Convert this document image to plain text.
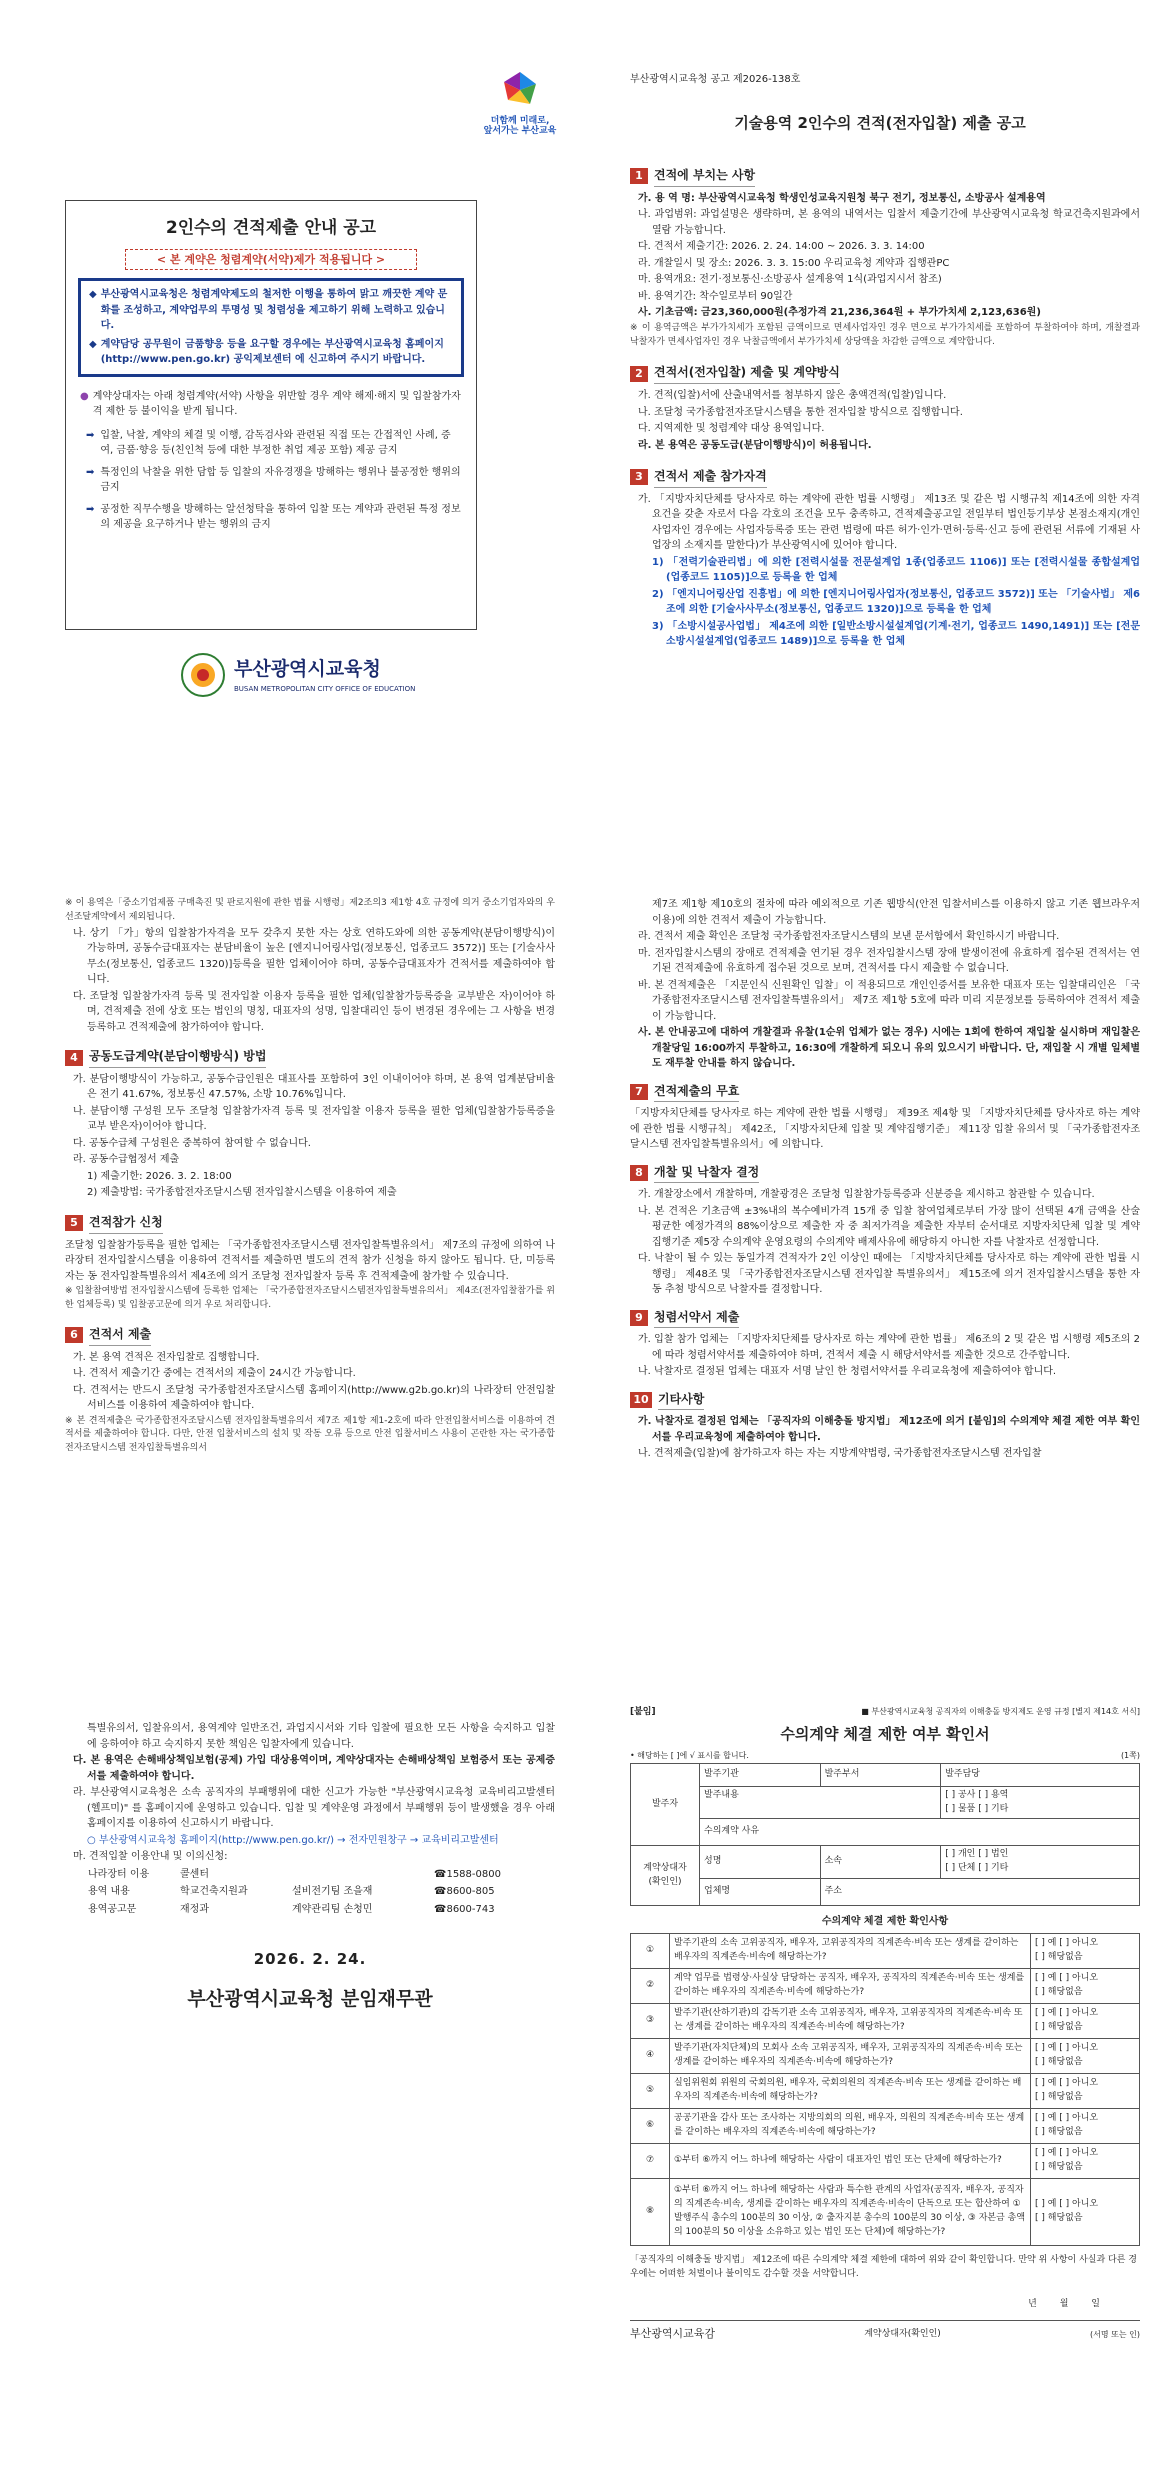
더함께 미래로,
앞서가는 부산교육
2인수의 견적제출 안내 공고
< 본 계약은 청렴계약(서약)제가 적용됩니다 >
◆ 부산광역시교육청은 청렴계약제도의 철저한 이행을 통하여 맑고 깨끗한 계약 문화를 조성하고, 계약업무의 투명성 및 청렴성을 제고하기 위해 노력하고 있습니다.
◆ 계약담당 공무원이 금품향응 등을 요구할 경우에는 부산광역시교육청 홈페이지(http://www.pen.go.kr) 공익제보센터 에 신고하여 주시기 바랍니다.
● 계약상대자는 아래 청렴계약(서약) 사항을 위반할 경우 계약 해제·해지 및 입찰참가자격 제한 등 불이익을 받게 됩니다.
➡ 입찰, 낙찰, 계약의 체결 및 이행, 감독검사와 관련된 직접 또는 간접적인 사례, 증여, 금품·향응 등(친인척 등에 대한 부정한 취업 제공 포함) 제공 금지
➡ 특정인의 낙찰을 위한 담합 등 입찰의 자유경쟁을 방해하는 행위나 불공정한 행위의 금지
➡ 공정한 직무수행을 방해하는 알선청탁을 통하여 입찰 또는 계약과 관련된 특정 정보의 제공을 요구하거나 받는 행위의 금지
부산광역시교육청
BUSAN METROPOLITAN CITY OFFICE OF EDUCATION
부산광역시교육청 공고 제2026-138호
기술용역 2인수의 견적(전자입찰) 제출 공고
1 견적에 부치는 사항
가. 용 역 명: 부산광역시교육청 학생인성교육지원청 북구 전기, 정보통신, 소방공사 설계용역
나. 과업범위: 과업설명은 생략하며, 본 용역의 내역서는 입찰서 제출기간에 부산광역시교육청 학교건축지원과에서 열람 가능합니다.
다. 견적서 제출기간: 2026. 2. 24. 14:00 ~ 2026. 3. 3. 14:00
라. 개찰일시 및 장소: 2026. 3. 3. 15:00 우리교육청 계약과 집행관PC
마. 용역개요: 전기·정보통신·소방공사 설계용역 1식(과업지시서 참조)
바. 용역기간: 착수일로부터 90일간
사. 기초금액: 금23,360,000원(추정가격 21,236,364원 + 부가가치세 2,123,636원)
※ 이 용역금액은 부가가치세가 포함된 금액이므로 면세사업자인 경우 면으로 부가가치세를 포함하여 투찰하여야 하며, 개찰결과 낙찰자가 면세사업자인 경우 낙찰금액에서 부가가치세 상당액을 차감한 금액으로 계약합니다.
2 견적서(전자입찰) 제출 및 계약방식
가. 견적(입찰)서에 산출내역서를 첨부하지 않은 총액견적(입찰)입니다.
나. 조달청 국가종합전자조달시스템을 통한 전자입찰 방식으로 집행합니다.
다. 지역제한 및 청렴계약 대상 용역입니다.
라. 본 용역은 공동도급(분담이행방식)이 허용됩니다.
3 견적서 제출 참가자격
가. 「지방자치단체를 당사자로 하는 계약에 관한 법률 시행령」 제13조 및 같은 법 시행규칙 제14조에 의한 자격요건을 갖춘 자로서 다음 각호의 조건을 모두 충족하고, 견적제출공고일 전일부터 법인등기부상 본점소재지(개인사업자인 경우에는 사업자등록증 또는 관련 법령에 따른 허가·인가·면허·등록·신고 등에 관련된 서류에 기재된 사업장의 소재지를 말한다)가 부산광역시에 있어야 합니다.
1) 「전력기술관리법」에 의한 [전력시설물 전문설계업 1종(업종코드 1106)] 또는 [전력시설물 종합설계업(업종코드 1105)]으로 등록을 한 업체
2) 「엔지니어링산업 진흥법」에 의한 [엔지니어링사업자(정보통신, 업종코드 3572)] 또는 「기술사법」 제6조에 의한 [기술사사무소(정보통신, 업종코드 1320)]으로 등록을 한 업체
3) 「소방시설공사업법」 제4조에 의한 [일반소방시설설계업(기계·전기, 업종코드 1490,1491)] 또는 [전문소방시설설계업(업종코드 1489)]으로 등록을 한 업체
※ 이 용역은「중소기업제품 구매촉진 및 판로지원에 관한 법률 시행령」제2조의3 제1항 4호 규정에 의거 중소기업자와의 우선조달계약에서 제외됩니다.
나. 상기 「가」항의 입찰참가자격을 모두 갖추지 못한 자는 상호 연하도와에 의한 공동계약(분담이행방식)이 가능하며, 공동수급대표자는 분담비율이 높은 [엔지니어링사업(정보통신, 업종코드 3572)] 또는 [기술사사무소(정보통신, 업종코드 1320)]등록을 필한 업체이어야 하며, 공동수급대표자가 견적서를 제출하여야 합니다.
다. 조달청 입찰참가자격 등록 및 전자입찰 이용자 등록을 필한 업체(입찰참가등록증을 교부받은 자)이어야 하며, 견적제출 전에 상호 또는 법인의 명칭, 대표자의 성명, 입찰대리인 등이 변경된 경우에는 그 사항을 변경 등록하고 견적제출에 참가하여야 합니다.
4 공동도급계약(분담이행방식) 방법
가. 분담이행방식이 가능하고, 공동수급인원은 대표사를 포함하여 3인 이내이어야 하며, 본 용역 업계분담비율은 전기 41.67%, 정보통신 47.57%, 소방 10.76%입니다.
나. 분담이행 구성원 모두 조달청 입찰참가자격 등록 및 전자입찰 이용자 등록을 필한 업체(입찰참가등록증을 교부 받은자)이어야 합니다.
다. 공동수급체 구성원은 중복하여 참여할 수 없습니다.
라. 공동수급협정서 제출
1) 제출기한: 2026. 3. 2. 18:00
2) 제출방법: 국가종합전자조달시스템 전자입찰시스템을 이용하여 제출
5 견적참가 신청
조달청 입찰참가등록을 필한 업체는 「국가종합전자조달시스템 전자입찰특별유의서」 제7조의 규정에 의하여 나라장터 전자입찰시스템을 이용하여 견적서를 제출하면 별도의 견적 참가 신청을 하지 않아도 됩니다. 단, 미등록자는 동 전자입찰특별유의서 제4조에 의거 조달청 전자입찰자 등록 후 견적제출에 참가할 수 있습니다.
※ 입찰참여방법 전자입찰시스템에 등록한 업체는 「국가종합전자조달시스템전자입찰특별유의서」 제4조(전자입찰참가를 위한 업체등록) 및 입찰공고문에 의거 우로 처리합니다.
6 견적서 제출
가. 본 용역 견적은 전자입찰로 집행합니다.
나. 견적서 제출기간 중에는 견적서의 제출이 24시간 가능합니다.
다. 견적서는 반드시 조달청 국가종합전자조달시스템 홈페이지(http://www.g2b.go.kr)의 나라장터 안전입찰서비스를 이용하여 제출하여야 합니다.
※ 본 견적제출은 국가종합전자조달시스템 전자입찰특별유의서 제7조 제1항 제1-2호에 따라 안전입찰서비스를 이용하여 견적서를 제출하여야 합니다. 다만, 안전 입찰서비스의 설치 및 작동 오류 등으로 안전 입찰서비스 사용이 곤란한 자는 국가종합전자조달시스템 전자입찰특별유의서
제7조 제1항 제10호의 절차에 따라 예외적으로 기존 웹방식(안전 입찰서비스를 이용하지 않고 기존 웹브라우저 이용)에 의한 견적서 제출이 가능합니다.
라. 견적서 제출 확인은 조달청 국가종합전자조달시스템의 보낸 문서함에서 확인하시기 바랍니다.
마. 전자입찰시스템의 장애로 견적제출 연기된 경우 전자입찰시스템 장애 발생이전에 유효하게 접수된 견적서는 연기된 견적제출에 유효하게 접수된 것으로 보며, 견적서를 다시 제출할 수 없습니다.
바. 본 견적제출은 「지문인식 신원확인 입찰」이 적용되므로 개인인증서를 보유한 대표자 또는 입찰대리인은 「국가종합전자조달시스템 전자입찰특별유의서」 제7조 제1항 5호에 따라 미리 지문정보를 등록하여야 견적서 제출이 가능합니다.
사. 본 안내공고에 대하여 개찰결과 유찰(1순위 업체가 없는 경우) 시에는 1회에 한하여 재입찰 실시하며 재입찰은 개찰당일 16:00까지 투찰하고, 16:30에 개찰하게 되오니 유의 있으시기 바랍니다. 단, 재입찰 시 개별 일체별도 재투찰 안내를 하지 않습니다.
7 견적제출의 무효
「지방자치단체를 당사자로 하는 계약에 관한 법률 시행령」 제39조 제4항 및 「지방자치단체를 당사자로 하는 계약에 관한 법률 시행규칙」 제42조, 「지방자치단체 입찰 및 계약집행기준」 제11장 입찰 유의서 및 「국가종합전자조달시스템 전자입찰특별유의서」에 의합니다.
8 개찰 및 낙찰자 결정
가. 개찰장소에서 개찰하며, 개찰광경은 조달청 입찰참가등록증과 신분증을 제시하고 참관할 수 있습니다.
나. 본 견적은 기초금액 ±3%내의 복수예비가격 15개 중 입찰 참여업체로부터 가장 많이 선택된 4개 금액을 산술 평균한 예정가격의 88%이상으로 제출한 자 중 최저가격을 제출한 자부터 순서대로 지방자치단체 입찰 및 계약 집행기준 제5장 수의계약 운영요령의 수의계약 배제사유에 해당하지 아니한 자를 낙찰자로 선정합니다.
다. 낙찰이 될 수 있는 동일가격 견적자가 2인 이상인 때에는 「지방자치단체를 당사자로 하는 계약에 관한 법률 시행령」 제48조 및 「국가종합전자조달시스템 전자입찰 특별유의서」 제15조에 의거 전자입찰시스템을 통한 자동 추첨 방식으로 낙찰자를 결정합니다.
9 청렴서약서 제출
가. 입찰 참가 업체는 「지방자치단체를 당사자로 하는 계약에 관한 법률」 제6조의 2 및 같은 법 시행령 제5조의 2에 따라 청렴서약서를 제출하여야 하며, 견적서 제출 시 해당서약서를 제출한 것으로 간주합니다.
나. 낙찰자로 결정된 업체는 대표자 서명 날인 한 청렴서약서를 우리교육청에 제출하여야 합니다.
10 기타사항
가. 낙찰자로 결정된 업체는 「공직자의 이해충돌 방지법」 제12조에 의거 [붙임]의 수의계약 체결 제한 여부 확인서를 우리교육청에 제출하여야 합니다.
나. 견적제출(입찰)에 참가하고자 하는 자는 지방계약법령, 국가종합전자조달시스템 전자입찰
특별유의서, 입찰유의서, 용역계약 일반조건, 과업지시서와 기타 입찰에 필요한 모든 사항을 숙지하고 입찰에 응하여야 하고 숙지하지 못한 책임은 입찰자에게 있습니다.
다. 본 용역은 손해배상책임보험(공제) 가입 대상용역이며, 계약상대자는 손해배상책임 보험증서 또는 공제증서를 제출하여야 합니다.
라. 부산광역시교육청은 소속 공직자의 부패행위에 대한 신고가 가능한 "부산광역시교육청 교육비리고발센터(헬프미)" 를 홈페이지에 운영하고 있습니다. 입찰 및 계약운영 과정에서 부패행위 등이 발생했을 경우 아래 홈페이지를 이용하여 신고하시기 바랍니다.
○ 부산광역시교육청 홈페이지(http://www.pen.go.kr/) → 전자민원창구 → 교육비리고발센터
마. 견적입찰 이용안내 및 이의신청:
나라장터 이용	콜센터		☎1588-0800
용역 내용	학교건축지원과	설비전기팀 조을재	☎8600-805
용역공고문	재정과	계약관리팀 손청민	☎8600-743
2026. 2. 24.
부산광역시교육청 분임재무관
[붙임]	■ 부산광역시교육청 공직자의 이해충돌 방지제도 운영 규정 [별지 제14호 서식]
수의계약 체결 제한 여부 확인서
• 해당하는 [ ]에 √ 표시를 합니다.	(1쪽)
발주자	발주기관	발주부서	발주담당
	발주내용		[ ] 공사 [ ] 용역
[ ] 물품 [ ] 기타
	수의계약 사유		
계약상대자
(확인인)	성명	소속	[ ] 개인 [ ] 법인
[ ] 단체 [ ] 기타
	업체명	주소	
수의계약 체결 제한 확인사항
①	발주기관의 소속 고위공직자, 배우자, 고위공직자의 직계존속·비속 또는 생계를 같이하는 배우자의 직계존속·비속에 해당하는가?	[ ] 예 [ ] 아니오
[ ] 해당없음
②	계약 업무를 법령상·사실상 담당하는 공직자, 배우자, 공직자의 직계존속·비속 또는 생계를 같이하는 배우자의 직계존속·비속에 해당하는가?	[ ] 예 [ ] 아니오
[ ] 해당없음
③	발주기관(산하기관)의 감독기관 소속 고위공직자, 배우자, 고위공직자의 직계존속·비속 또는 생계를 같이하는 배우자의 직계존속·비속에 해당하는가?	[ ] 예 [ ] 아니오
[ ] 해당없음
④	발주기관(자치단체)의 모회사 소속 고위공직자, 배우자, 고위공직자의 직계존속·비속 또는 생계를 같이하는 배우자의 직계존속·비속에 해당하는가?	[ ] 예 [ ] 아니오
[ ] 해당없음
⑤	실임위원회 위원의 국회의원, 배우자, 국회의원의 직계존속·비속 또는 생계를 같이하는 배우자의 직계존속·비속에 해당하는가?	[ ] 예 [ ] 아니오
[ ] 해당없음
⑥	공공기관을 감사 또는 조사하는 지방의회의 의원, 배우자, 의원의 직계존속·비속 또는 생계를 같이하는 배우자의 직계존속·비속에 해당하는가?	[ ] 예 [ ] 아니오
[ ] 해당없음
⑦	①부터 ⑥까지 어느 하나에 해당하는 사람이 대표자인 법인 또는 단체에 해당하는가?	[ ] 예 [ ] 아니오
[ ] 해당없음
⑧	①부터 ⑥까지 어느 하나에 해당하는 사람과 특수한 관계의 사업자(공직자, 배우자, 공직자의 직계존속·비속, 생계를 같이하는 배우자의 직계존속·비속이 단독으로 또는 합산하여 ① 발행주식 총수의 100분의 30 이상, ② 출자지분 총수의 100분의 30 이상, ③ 자본금 총액의 100분의 50 이상을 소유하고 있는 법인 또는 단체)에 해당하는가?	[ ] 예 [ ] 아니오
[ ] 해당없음
「공직자의 이해충돌 방지법」 제12조에 따른 수의계약 체결 제한에 대하여 위와 같이 확인합니다. 만약 위 사항이 사실과 다른 경우에는 어떠한 처벌이나 불이익도 감수할 것을 서약합니다.
년        월        일
부산광역시교육감	계약상대자(확인인)	(서명 또는 인)
